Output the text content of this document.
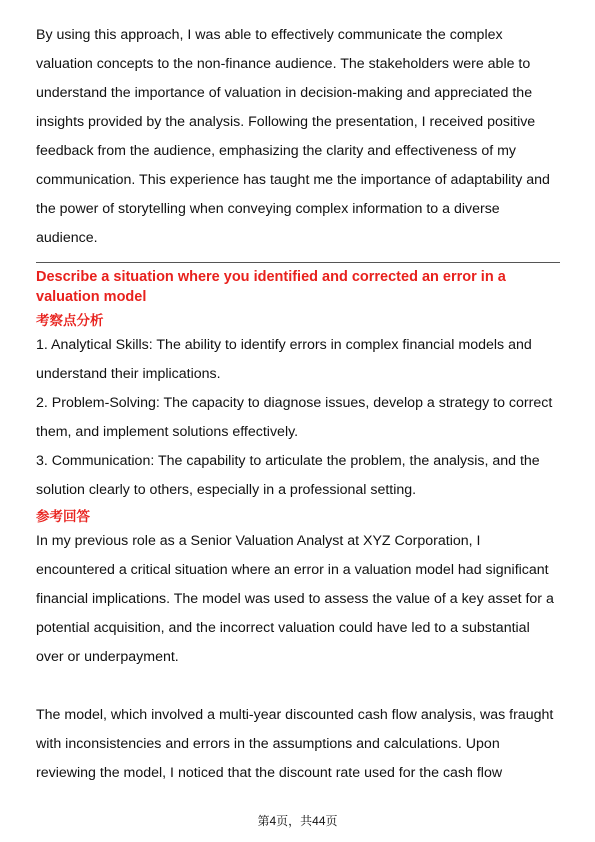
By using this approach, I was able to effectively communicate the complex valuation concepts to the non-finance audience. The stakeholders were able to understand the importance of valuation in decision-making and appreciated the insights provided by the analysis. Following the presentation, I received positive feedback from the audience, emphasizing the clarity and effectiveness of my communication. This experience has taught me the importance of adaptability and the power of storytelling when conveying complex information to a diverse audience.

Describe a situation where you identified and corrected an error in a valuation model

考察点分析

1. Analytical Skills: The ability to identify errors in complex financial models and understand their implications.

2. Problem-Solving: The capacity to diagnose issues, develop a strategy to correct them, and implement solutions effectively.

3. Communication: The capability to articulate the problem, the analysis, and the solution clearly to others, especially in a professional setting.

参考回答

In my previous role as a Senior Valuation Analyst at XYZ Corporation, I encountered a critical situation where an error in a valuation model had significant financial implications. The model was used to assess the value of a key asset for a potential acquisition, and the incorrect valuation could have led to a substantial over or underpayment.

The model, which involved a multi-year discounted cash flow analysis, was fraught with inconsistencies and errors in the assumptions and calculations. Upon reviewing the model, I noticed that the discount rate used for the cash flow

第4页，共44页
